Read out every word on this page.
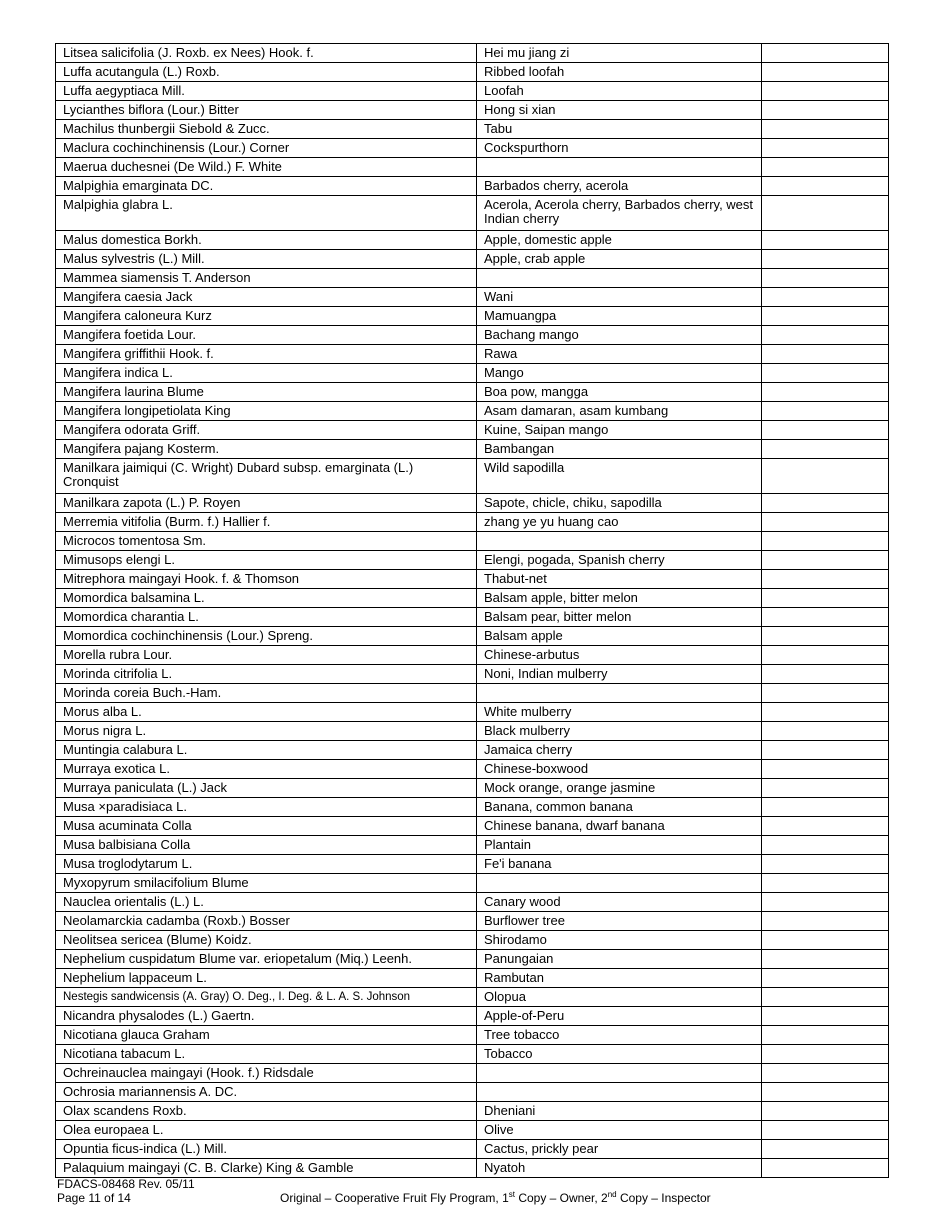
Litsea salicifolia (J. Roxb. ex Nees) Hook. f.	Hei mu jiang zi	
Luffa acutangula (L.) Roxb.	Ribbed loofah	
Luffa aegyptiaca Mill.	Loofah	
Lycianthes biflora (Lour.) Bitter	Hong si xian	
Machilus thunbergii Siebold & Zucc.	Tabu	
Maclura cochinchinensis (Lour.) Corner	Cockspurthorn	
Maerua duchesnei (De Wild.) F. White		
Malpighia emarginata DC.	Barbados cherry, acerola	
Malpighia glabra L.	Acerola, Acerola cherry, Barbados cherry, west Indian cherry	
Malus domestica Borkh.	Apple, domestic apple	
Malus sylvestris (L.) Mill.	Apple, crab apple	
Mammea siamensis T. Anderson		
Mangifera caesia Jack	Wani	
Mangifera caloneura Kurz	Mamuangpa	
Mangifera foetida Lour.	Bachang mango	
Mangifera griffithii Hook. f.	Rawa	
Mangifera indica L.	Mango	
Mangifera laurina Blume	Boa pow, mangga	
Mangifera longipetiolata King	Asam damaran, asam kumbang	
Mangifera odorata Griff.	Kuine, Saipan mango	
Mangifera pajang Kosterm.	Bambangan	
Manilkara jaimiqui (C. Wright) Dubard subsp. emarginata (L.) Cronquist	Wild sapodilla	
Manilkara zapota (L.) P. Royen	Sapote, chicle, chiku, sapodilla	
Merremia vitifolia (Burm. f.) Hallier f.	zhang ye yu huang cao	
Microcos tomentosa Sm.		
Mimusops elengi L.	Elengi, pogada, Spanish cherry	
Mitrephora maingayi Hook. f. & Thomson	Thabut-net	
Momordica balsamina L.	Balsam apple, bitter melon	
Momordica charantia L.	Balsam pear, bitter melon	
Momordica cochinchinensis (Lour.) Spreng.	Balsam apple	
Morella rubra Lour.	Chinese-arbutus	
Morinda citrifolia L.	Noni, Indian mulberry	
Morinda coreia Buch.-Ham.		
Morus alba L.	White mulberry	
Morus nigra L.	Black mulberry	
Muntingia calabura L.	Jamaica cherry	
Murraya exotica L.	Chinese-boxwood	
Murraya paniculata (L.) Jack	Mock orange, orange jasmine	
Musa ×paradisiaca L.	Banana, common banana	
Musa acuminata Colla	Chinese banana, dwarf banana	
Musa balbisiana Colla	Plantain	
Musa troglodytarum L.	Fe'i banana	
Myxopyrum smilacifolium Blume		
Nauclea orientalis (L.) L.	Canary wood	
Neolamarckia cadamba (Roxb.) Bosser	Burflower tree	
Neolitsea sericea (Blume) Koidz.	Shirodamo	
Nephelium cuspidatum Blume var. eriopetalum (Miq.) Leenh.	Panungaian	
Nephelium lappaceum L.	Rambutan	
Nestegis sandwicensis (A. Gray) O. Deg., I. Deg. & L. A. S. Johnson	Olopua	
Nicandra physalodes (L.) Gaertn.	Apple-of-Peru	
Nicotiana glauca Graham	Tree tobacco	
Nicotiana tabacum L.	Tobacco	
Ochreinauclea maingayi (Hook. f.) Ridsdale		
Ochrosia mariannensis A. DC.		
Olax scandens Roxb.	Dheniani	
Olea europaea L.	Olive	
Opuntia ficus-indica (L.) Mill.	Cactus, prickly pear	
Palaquium maingayi (C. B. Clarke) King & Gamble	Nyatoh	
FDACS-08468 Rev. 05/11
Page 11 of 14	Original – Cooperative Fruit Fly Program, 1st Copy – Owner, 2nd Copy – Inspector
